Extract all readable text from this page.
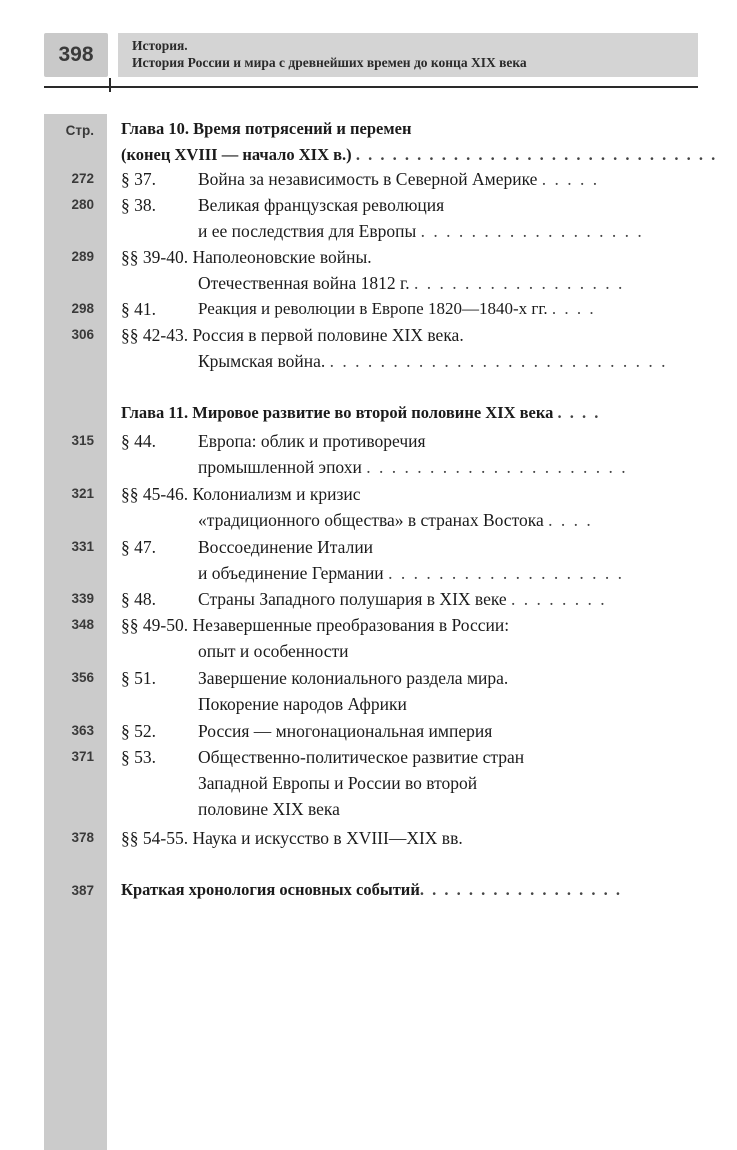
398	История.
История России и мира с древнейших времен до конца XIX века
Стр. Глава 10. Время потрясений и перемен
(конец XVIII — начало XIX в.) . . . . . . . . . . . . . . . . . . . . . . . . . . . . . .
272 § 37. Война за независимость в Северной Америке . . . . .
280 § 38. Великая французская революция
и ее последствия для Европы . . . . . . . . . . . . . . . . . .
289 §§ 39-40. Наполеоновские войны.
Отечественная война 1812 г. . . . . . . . . . . . . . . . . .
298 § 41. Реакция и революции в Европе 1820—1840-х гг. . . . .
306 §§ 42-43. Россия в первой половине XIX века.
Крымская война. . . . . . . . . . . . . . . . . . . . . . . . . . . .
Глава 11. Мировое развитие во второй половине XIX века . . . .
315 § 44. Европа: облик и противоречия
промышленной эпохи . . . . . . . . . . . . . . . . . . . . .
321 §§ 45-46. Колониализм и кризис
«традиционного общества» в странах Востока . . . .
331 § 47. Воссоединение Италии
и объединение Германии . . . . . . . . . . . . . . . . . . .
339 § 48. Страны Западного полушария в XIX веке . . . . . . . .
348 §§ 49-50. Незавершенные преобразования в России:
опыт и особенности
356 § 51. Завершение колониального раздела мира.
Покорение народов Африки
363 § 52. Россия — многонациональная империя
371 § 53. Общественно-политическое развитие стран
Западной Европы и России во второй
половине XIX века
378 §§ 54-55. Наука и искусство в XVIII—XIX вв.
387 Краткая хронология основных событий. . . . . . . . . . . . . . . . .
